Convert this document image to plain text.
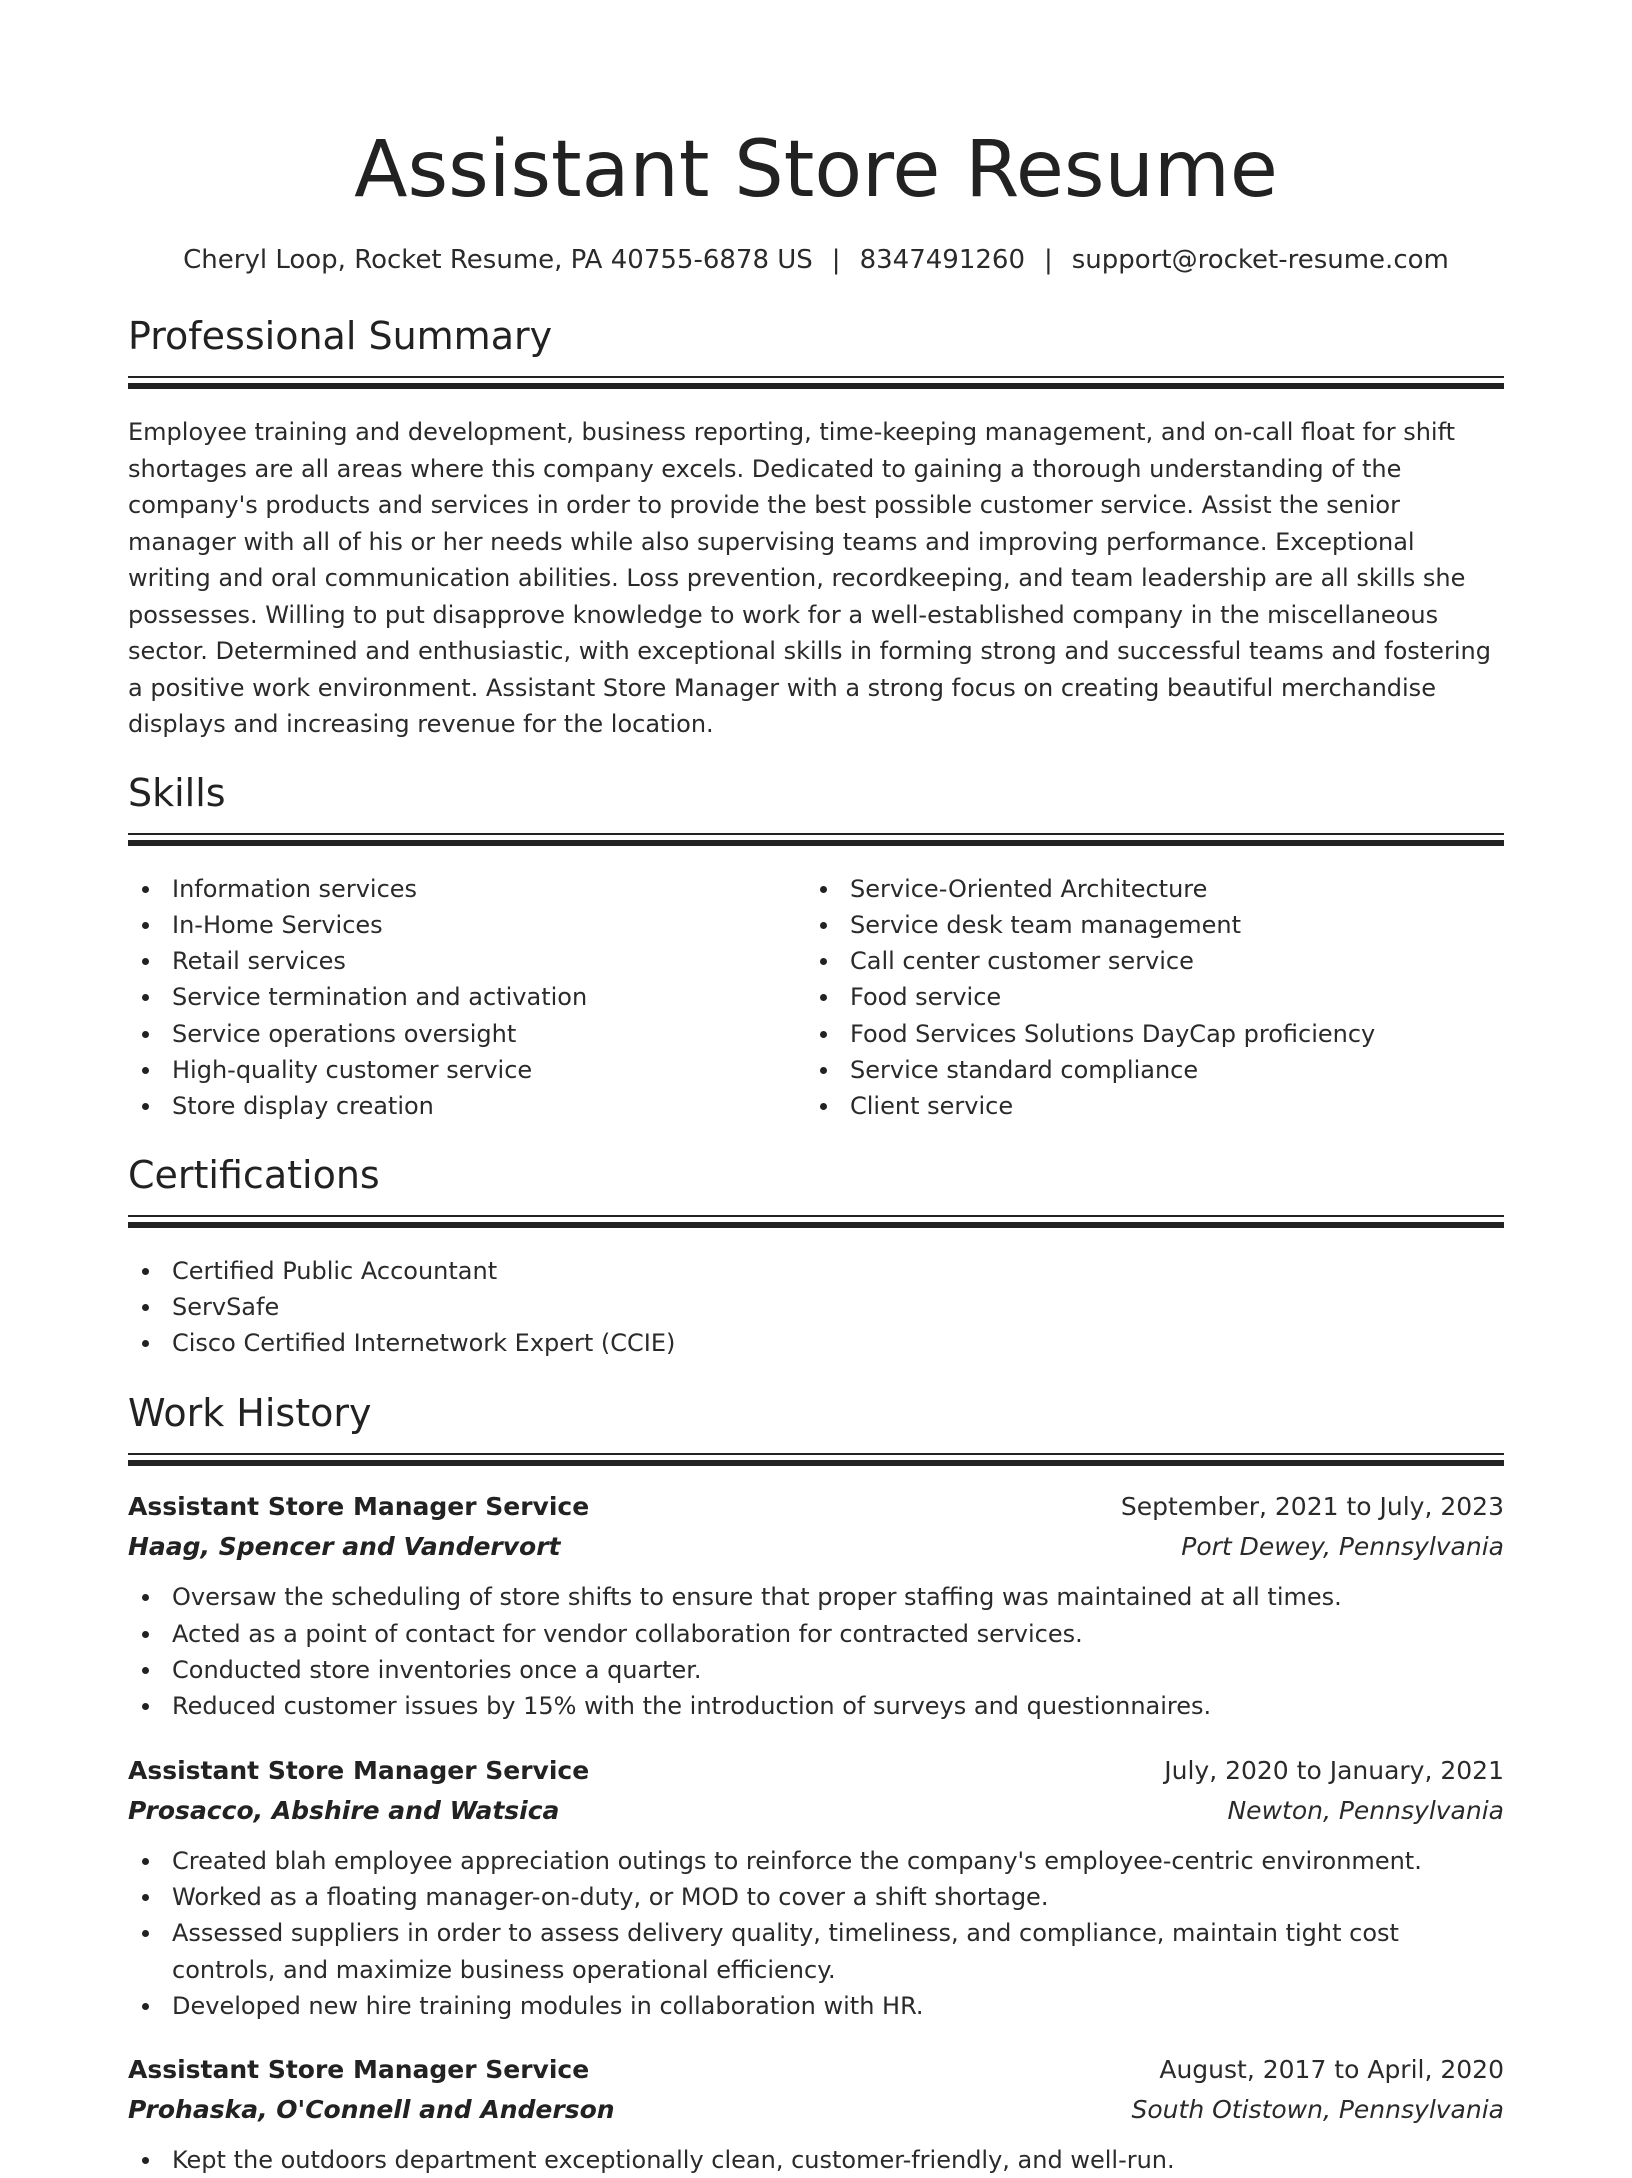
Assistant Store Resume
Cheryl Loop, Rocket Resume, PA 40755-6878 US | 8347491260 | support@rocket-resume.com
Professional Summary

Employee training and development, business reporting, time-keeping management, and on-call float for shift shortages are all areas where this company excels. Dedicated to gaining a thorough understanding of the company's products and services in order to provide the best possible customer service. Assist the senior manager with all of his or her needs while also supervising teams and improving performance. Exceptional writing and oral communication abilities. Loss prevention, recordkeeping, and team leadership are all skills she possesses. Willing to put disapprove knowledge to work for a well-established company in the miscellaneous sector. Determined and enthusiastic, with exceptional skills in forming strong and successful teams and fostering a positive work environment. Assistant Store Manager with a strong focus on creating beautiful merchandise displays and increasing revenue for the location.

Skills
Information services
In-Home Services
Retail services
Service termination and activation
Service operations oversight
High-quality customer service
Store display creation
Service-Oriented Architecture
Service desk team management
Call center customer service
Food service
Food Services Solutions DayCap proficiency
Service standard compliance
Client service
Certifications
Certified Public Accountant
ServSafe
Cisco Certified Internetwork Expert (CCIE)
Work History
Assistant Store Manager Service	September, 2021 to July, 2023
Haag, Spencer and Vandervort	Port Dewey, Pennsylvania
Oversaw the scheduling of store shifts to ensure that proper staffing was maintained at all times.
Acted as a point of contact for vendor collaboration for contracted services.
Conducted store inventories once a quarter.
Reduced customer issues by 15% with the introduction of surveys and questionnaires.
Assistant Store Manager Service	July, 2020 to January, 2021
Prosacco, Abshire and Watsica	Newton, Pennsylvania
Created blah employee appreciation outings to reinforce the company's employee-centric environment.
Worked as a floating manager-on-duty, or MOD to cover a shift shortage.
Assessed suppliers in order to assess delivery quality, timeliness, and compliance, maintain tight cost controls, and maximize business operational efficiency.
Developed new hire training modules in collaboration with HR.
Assistant Store Manager Service	August, 2017 to April, 2020
Prohaska, O'Connell and Anderson	South Otistown, Pennsylvania
Kept the outdoors department exceptionally clean, customer-friendly, and well-run.
